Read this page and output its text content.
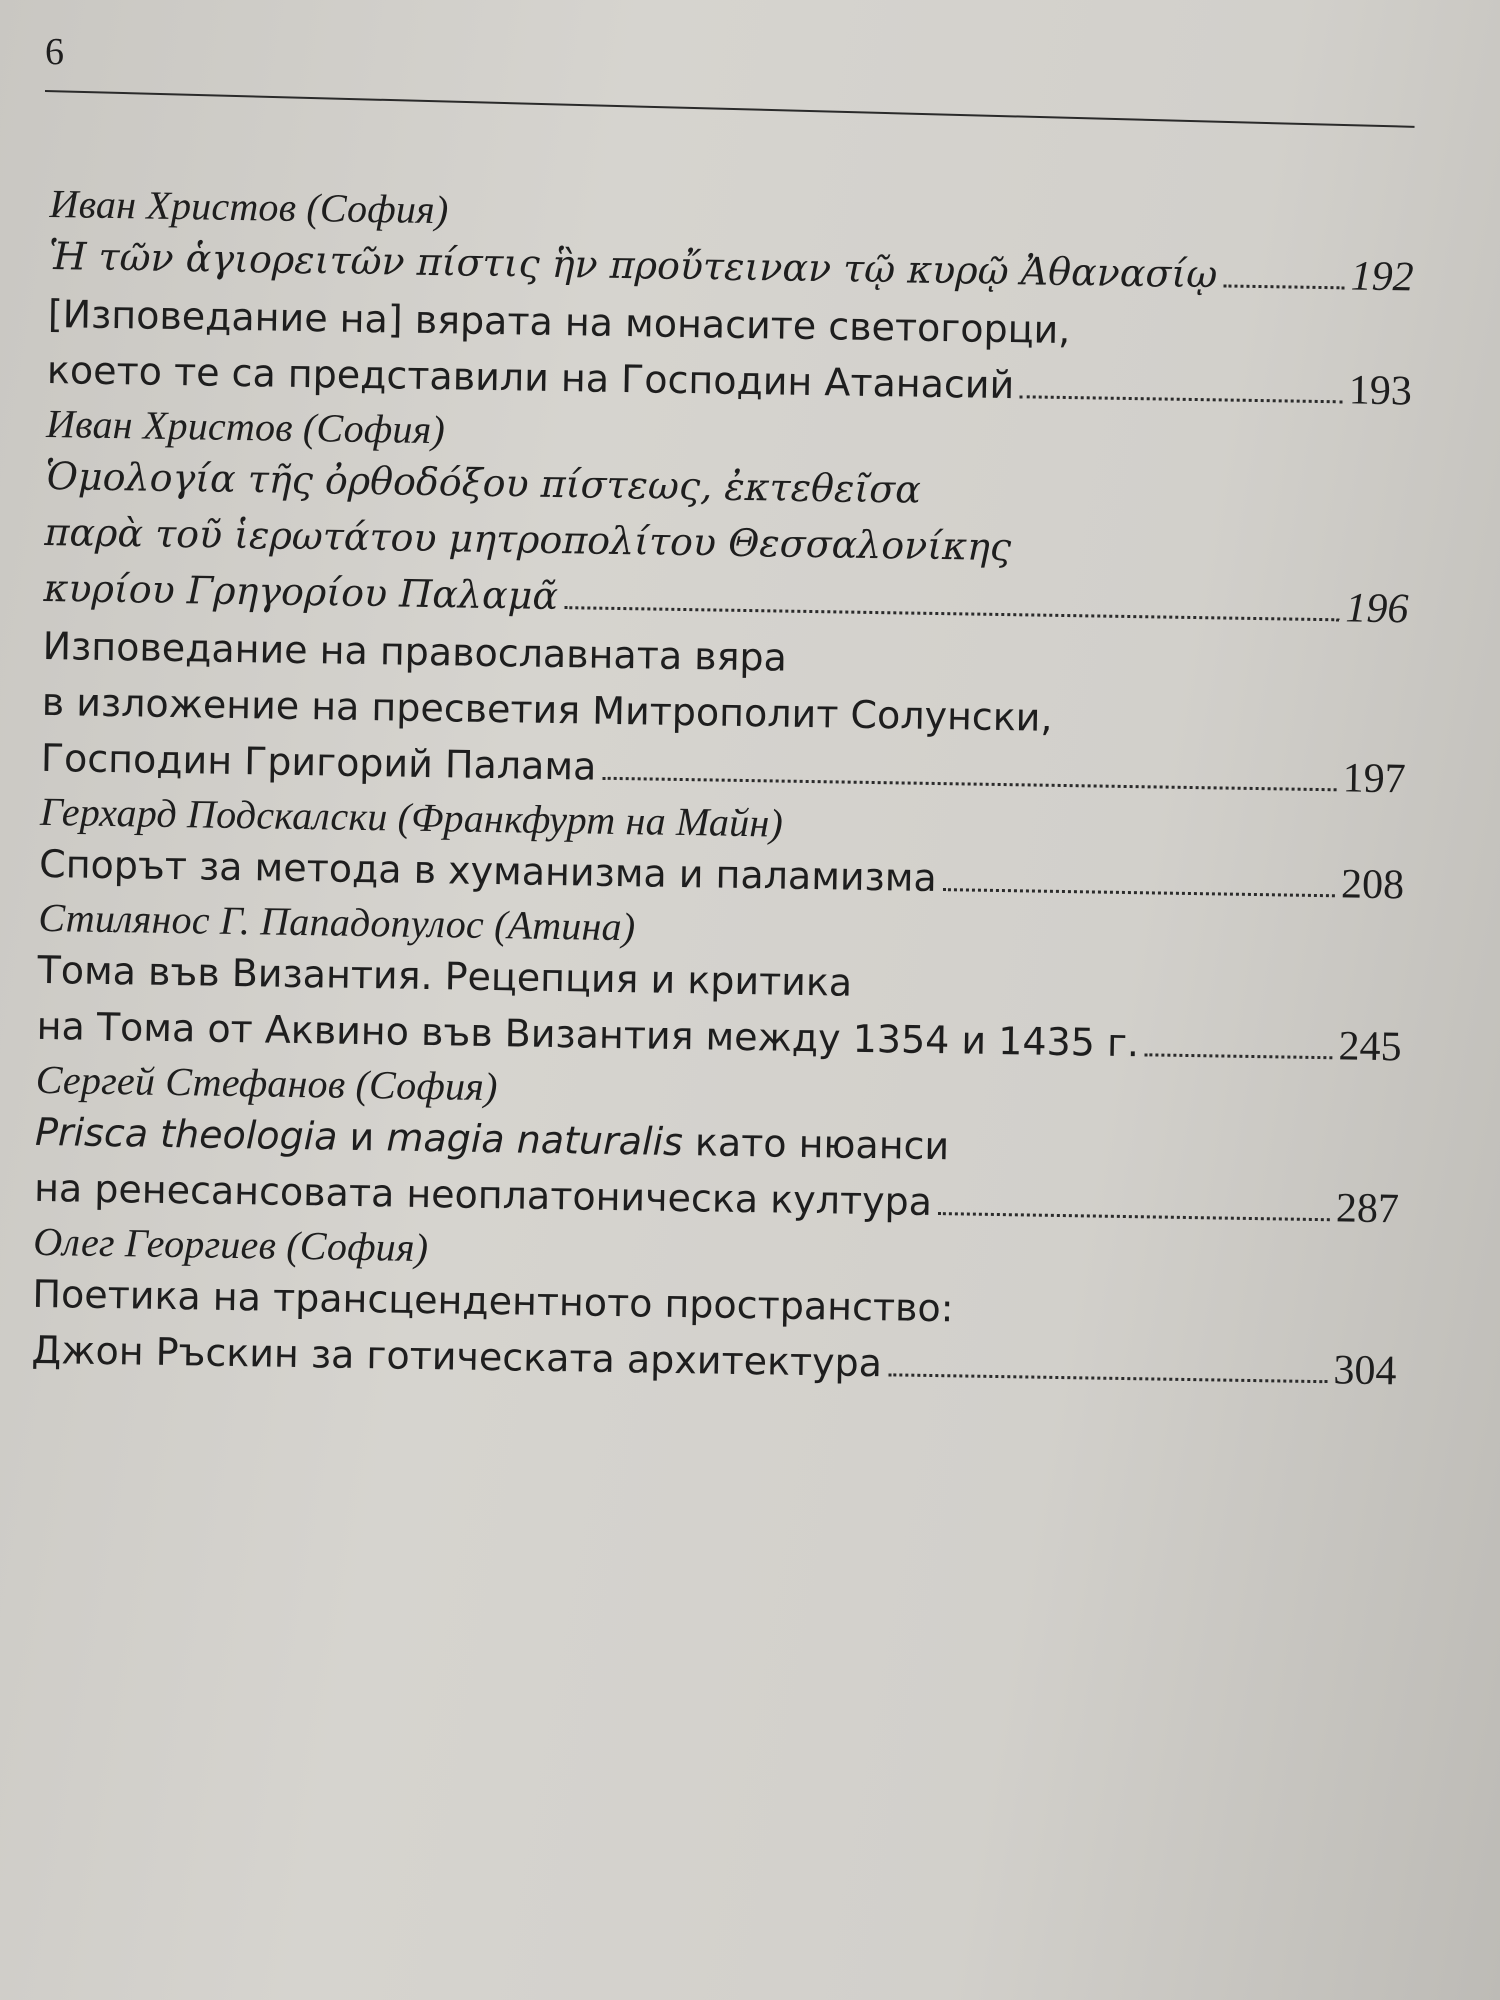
6
Иван Христов (София)
Ἡ τῶν ἁγιορειτῶν πίστις ἣν προὔτειναν τῷ κυρῷ Ἀθανασίῳ	192
[Изповедание на] вярата на монасите светогорци,
което те са представили на Господин Атанасий	193
Иван Христов (София)
Ὁμολογία τῆς ὀρθοδόξου πίστεως, ἐκτεθεῖσα
παρὰ τοῦ ἱερωτάτου μητροπολίτου Θεσσαλονίκης
κυρίου Γρηγορίου Παλαμᾶ	196
Изповедание на православната вяра
в изложение на пресветия Митрополит Солунски,
Господин Григорий Палама	197
Герхард Подскалски (Франкфурт на Майн)
Спорът за метода в хуманизма и паламизма	208
Стилянос Г. Пападопулос (Атина)
Тома във Византия. Рецепция и критика
на Тома от Аквино във Византия между 1354 и 1435 г.	245
Сергей Стефанов (София)
Prisca theologia и magia naturalis като нюанси
на ренесансовата неоплатоническа култура	287
Олег Георгиев (София)
Поетика на трансцендентното пространство:
Джон Ръскин за готическата архитектура	304
